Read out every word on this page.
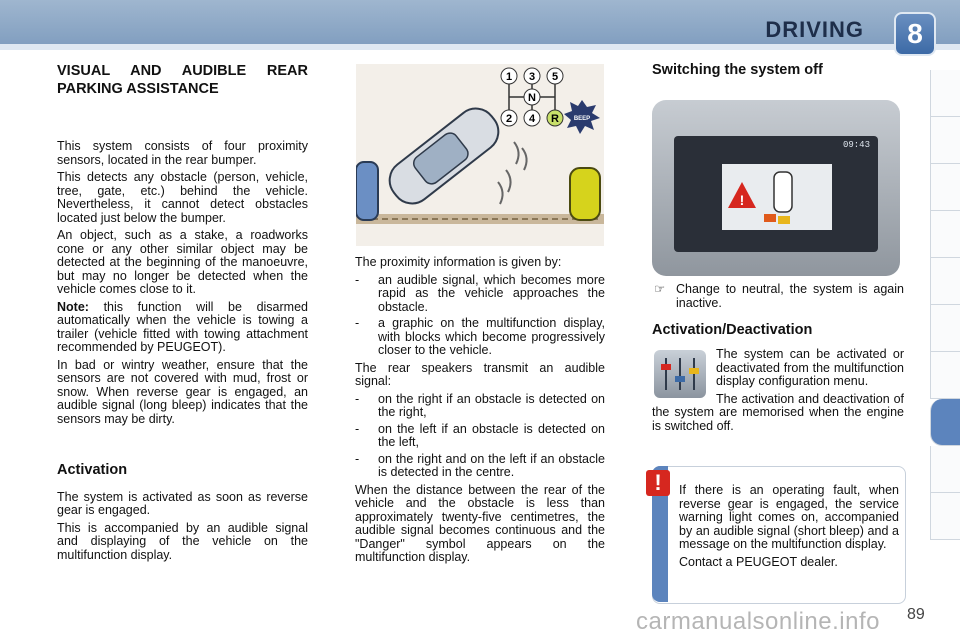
DRIVING	8
VISUAL AND AUDIBLE REAR PARKING ASSISTANCE

This system consists of four proximity sensors, located in the rear bumper.

This detects any obstacle (person, vehicle, tree, gate, etc.) behind the vehicle. Nevertheless, it cannot detect obstacles located just below the bumper.

An object, such as a stake, a roadworks cone or any other similar object may be detected at the beginning of the manoeuvre, but may no longer be detected when the vehicle comes close to it.

Note: this function will be disarmed automatically when the vehicle is towing a trailer (vehicle fitted with towing attachment recommended by PEUGEOT).

In bad or wintry weather, ensure that the sensors are not covered with mud, frost or snow. When reverse gear is engaged, an audible signal (long bleep) indicates that the sensors may be dirty.

Activation

The system is activated as soon as reverse gear is engaged.

This is accompanied by an audible signal and displaying of the vehicle on the multifunction display.

1 3 5
N
2 4 R BEEP

The proximity information is given by:

- an audible signal, which becomes more rapid as the vehicle approaches the obstacle.
- a graphic on the multifunction display, with blocks which become progressively closer to the vehicle.

The rear speakers transmit an audible signal:

- on the right if an obstacle is detected on the right,
- on the left if an obstacle is detected on the left,
- on the right and on the left if an obstacle is detected in the centre.

When the distance between the rear of the vehicle and the obstacle is less than approximately twenty-five centimetres, the audible signal becomes continuous and the "Danger" symbol appears on the multifunction display.

Switching the system off
09:43
!
☞ Change to neutral, the system is again inactive.
Activation/Deactivation

The system can be activated or deactivated from the multifunction display configuration menu.

The activation and deactivation of the system are memorised when the engine is switched off.

!	If there is an operating fault, when reverse gear is engaged, the service warning light comes on, accompanied by an audible signal (short bleep) and a message on the multifunction display.

Contact a PEUGEOT dealer.

carmanualsonline.info 89
